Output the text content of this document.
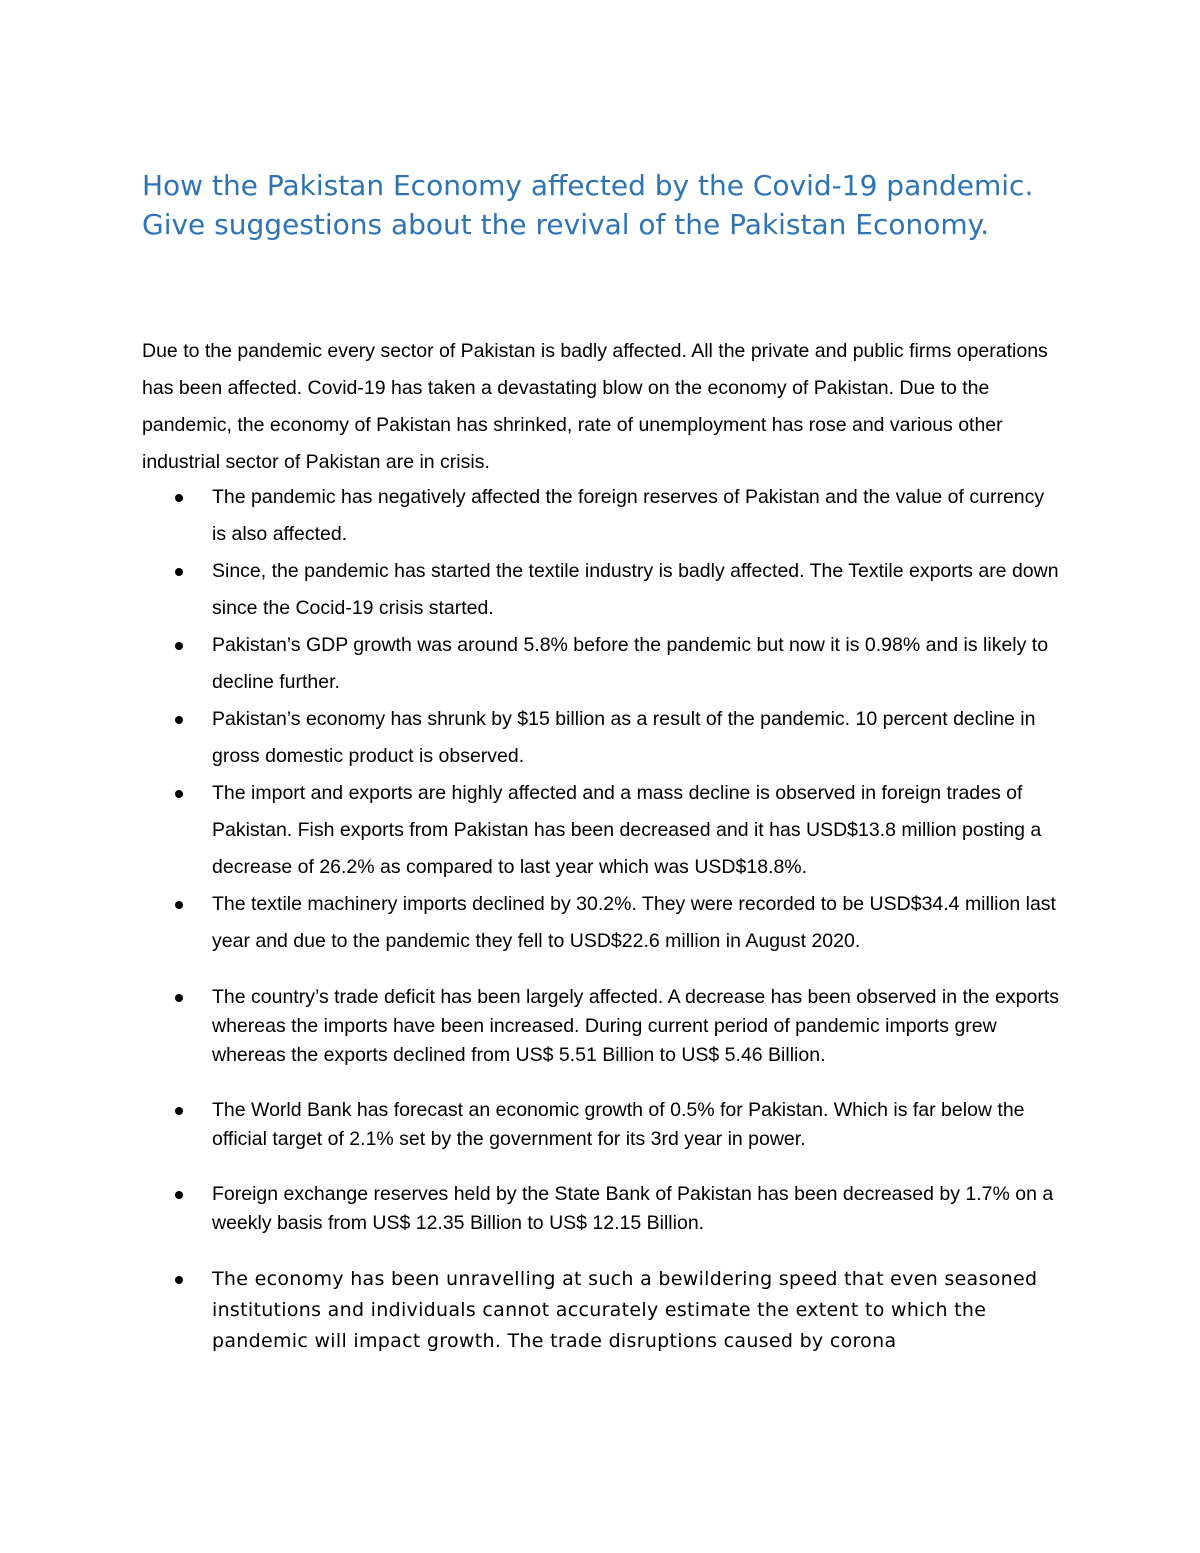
How the Pakistan Economy affected by the Covid-19 pandemic. Give suggestions about the revival of the Pakistan Economy.

Due to the pandemic every sector of Pakistan is badly affected. All the private and public firms operations has been affected. Covid-19 has taken a devastating blow on the economy of Pakistan. Due to the pandemic, the economy of Pakistan has shrinked, rate of unemployment has rose and various other industrial sector of Pakistan are in crisis.

The pandemic has negatively affected the foreign reserves of Pakistan and the value of currency is also affected.
Since, the pandemic has started the textile industry is badly affected. The Textile exports are down since the Cocid-19 crisis started.
Pakistan’s GDP growth was around 5.8% before the pandemic but now it is 0.98% and is likely to decline further.
Pakistan’s economy has shrunk by $15 billion as a result of the pandemic. 10 percent decline in gross domestic product is observed.
The import and exports are highly affected and a mass decline is observed in foreign trades of Pakistan. Fish exports from Pakistan has been decreased and it has USD$13.8 million posting a decrease of 26.2% as compared to last year which was USD$18.8%.
The textile machinery imports declined by 30.2%. They were recorded to be USD$34.4 million last year and due to the pandemic they fell to USD$22.6 million in August 2020.
The country’s trade deficit has been largely affected. A decrease has been observed in the exports whereas the imports have been increased. During current period of pandemic imports grew whereas the exports declined from US$ 5.51 Billion to US$ 5.46 Billion.
The World Bank has forecast an economic growth of 0.5% for Pakistan. Which is far below the official target of 2.1% set by the government for its 3rd year in power.
Foreign exchange reserves held by the State Bank of Pakistan has been decreased by 1.7% on a weekly basis from US$ 12.35 Billion to US$ 12.15 Billion.
The economy has been unravelling at such a bewildering speed that even seasoned institutions and individuals cannot accurately estimate the extent to which the pandemic will impact growth. The trade disruptions caused by corona
